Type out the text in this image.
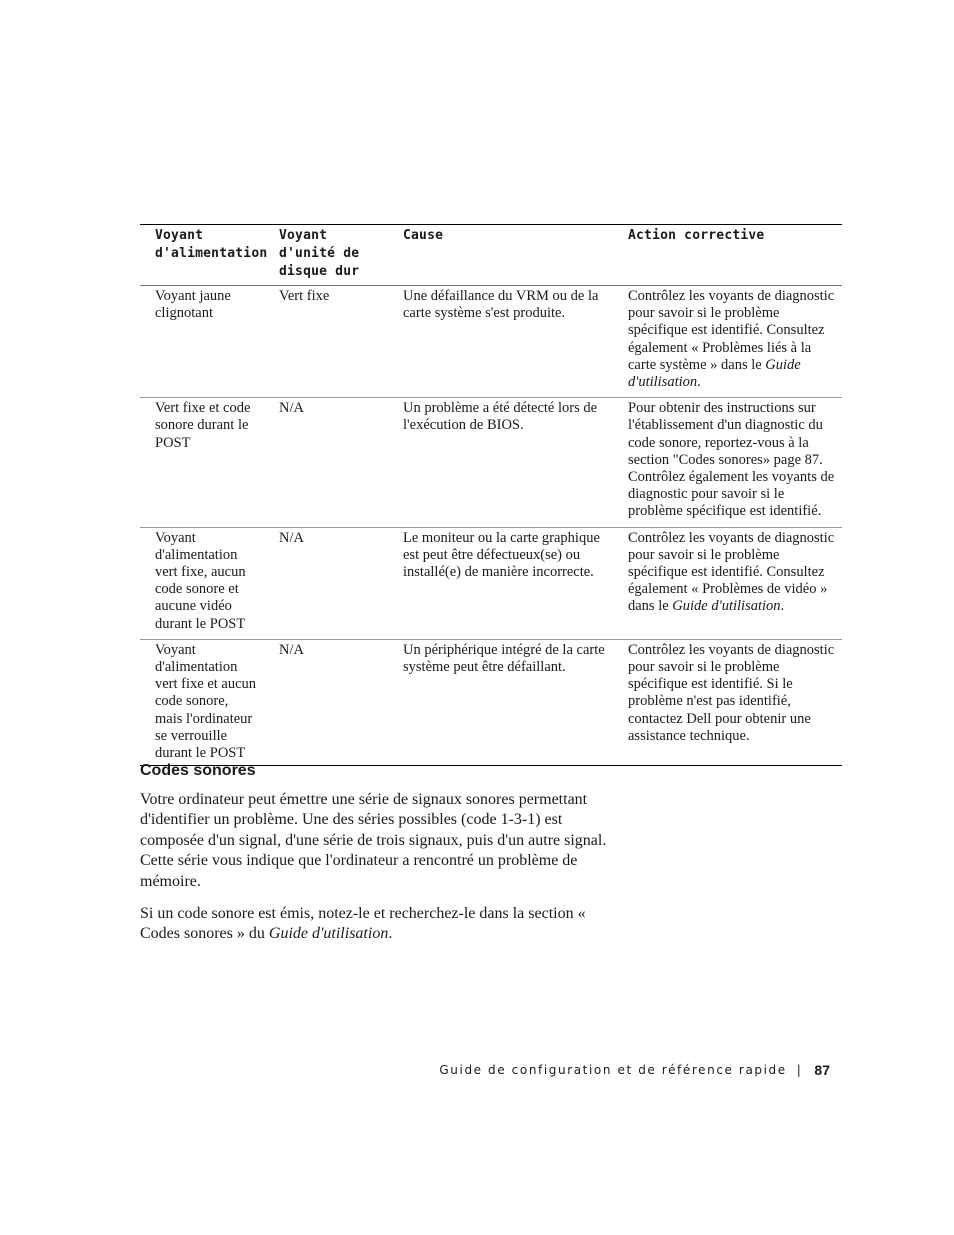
Voyant d'alimentation	Voyant d'unité de disque dur	Cause	Action corrective
Voyant jaune clignotant	Vert fixe	Une défaillance du VRM ou de la carte système s'est produite.	Contrôlez les voyants de diagnostic pour savoir si le problème spécifique est identifié. Consultez également « Problèmes liés à la carte système » dans le Guide d'utilisation.
Vert fixe et code sonore durant le POST	N/A	Un problème a été détecté lors de l'exécution de BIOS.	Pour obtenir des instructions sur l'établissement d'un diagnostic du code sonore, reportez-vous à la section "Codes sonores» page 87. Contrôlez également les voyants de diagnostic pour savoir si le problème spécifique est identifié.
Voyant d'alimentation vert fixe, aucun code sonore et aucune vidéo durant le POST	N/A	Le moniteur ou la carte graphique est peut être défectueux(se) ou installé(e) de manière incorrecte.	Contrôlez les voyants de diagnostic pour savoir si le problème spécifique est identifié. Consultez également « Problèmes de vidéo » dans le Guide d'utilisation.
Voyant d'alimentation vert fixe et aucun code sonore, mais l'ordinateur se verrouille durant le POST	N/A	Un périphérique intégré de la carte système peut être défaillant.	Contrôlez les voyants de diagnostic pour savoir si le problème spécifique est identifié. Si le problème n'est pas identifié, contactez Dell pour obtenir une assistance technique.
Codes sonores

Votre ordinateur peut émettre une série de signaux sonores permettant d'identifier un problème. Une des séries possibles (code 1-3-1) est composée d'un signal, d'une série de trois signaux, puis d'un autre signal. Cette série vous indique que l'ordinateur a rencontré un problème de mémoire.

Si un code sonore est émis, notez-le et recherchez-le dans la section « Codes sonores » du Guide d'utilisation.

Guide de configuration et de référence rapide | 87
